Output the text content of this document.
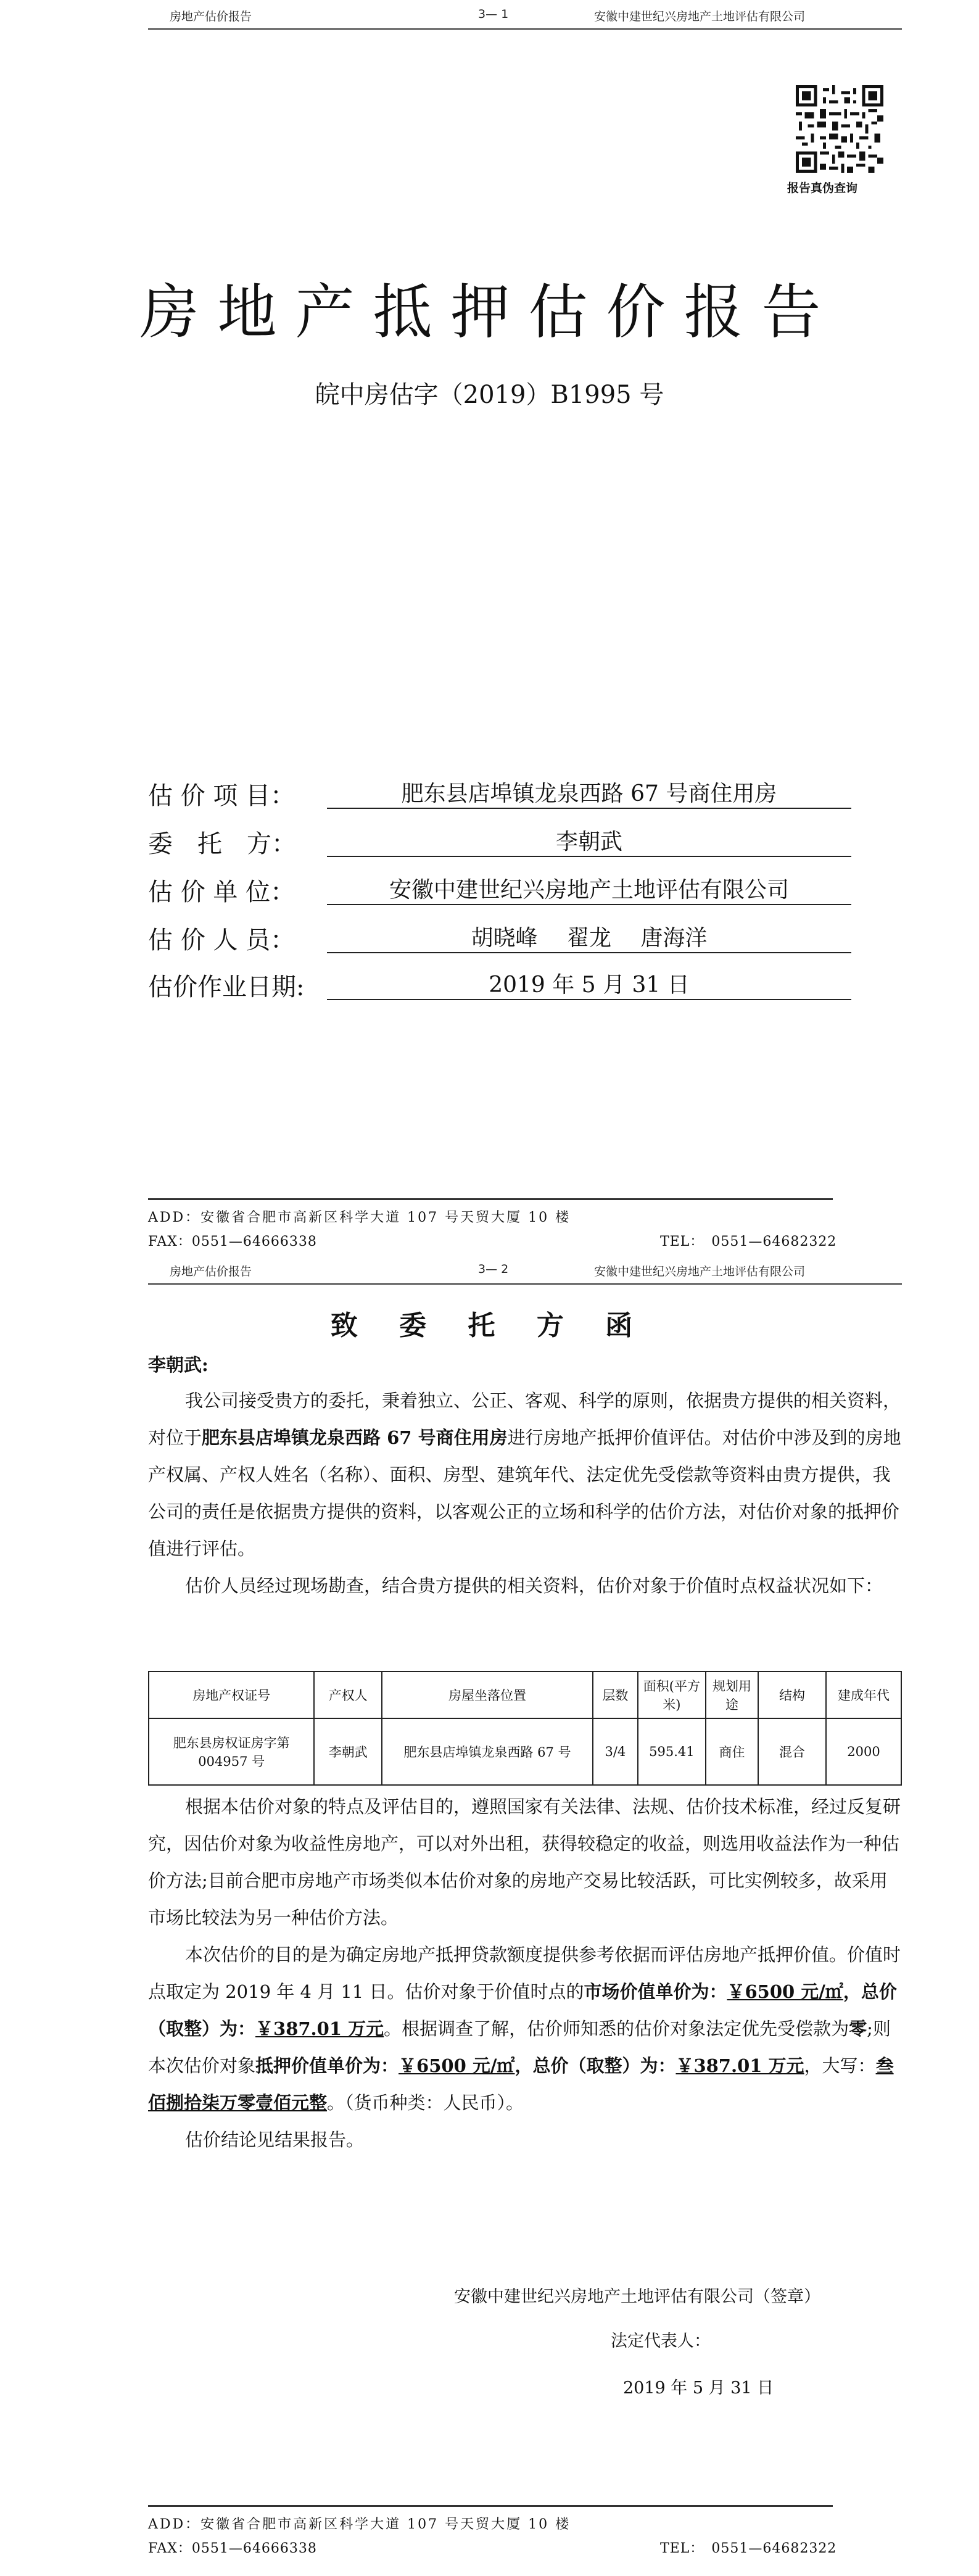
房地产估价报告	3— 1	安徽中建世纪兴房地产土地评估有限公司
报告真伪查询
房地产抵押估价报告
皖中房估字（2019）B1995 号
估 价 项 目：	肥东县店埠镇龙泉西路 67 号商住用房
委　托　方：	李朝武
估 价 单 位：	安徽中建世纪兴房地产土地评估有限公司
估 价 人 员：	胡晓峰　 翟龙　 唐海洋
估价作业日期:	2019 年 5 月 31 日
ADD：安徽省合肥市高新区科学大道 107 号天贸大厦 10 楼
FAX：0551—64666338	TEL：　0551—64682322
房地产估价报告	3— 2	安徽中建世纪兴房地产土地评估有限公司
致 委 托 方 函
李朝武:

我公司接受贵方的委托，秉着独立、公正、客观、科学的原则，依据贵方提供的相关资料，对位于肥东县店埠镇龙泉西路 67 号商住用房进行房地产抵押价值评估。对估价中涉及到的房地产权属、产权人姓名（名称）、面积、房型、建筑年代、法定优先受偿款等资料由贵方提供，我公司的责任是依据贵方提供的资料，以客观公正的立场和科学的估价方法，对估价对象的抵押价值进行评估。

估价人员经过现场勘查，结合贵方提供的相关资料，估价对象于价值时点权益状况如下：

房地产权证号	产权人	房屋坐落位置	层数	面积(平方米)	规划用途	结构	建成年代
肥东县房权证房字第 004957 号	李朝武	肥东县店埠镇龙泉西路 67 号	3/4	595.41	商住	混合	2000

根据本估价对象的特点及评估目的，遵照国家有关法律、法规、估价技术标准，经过反复研究，因估价对象为收益性房地产，可以对外出租，获得较稳定的收益，则选用收益法作为一种估价方法;目前合肥市房地产市场类似本估价对象的房地产交易比较活跃，可比实例较多，故采用市场比较法为另一种估价方法。

本次估价的目的是为确定房地产抵押贷款额度提供参考依据而评估房地产抵押价值。价值时点取定为 2019 年 4 月 11 日。估价对象于价值时点的市场价值单价为：￥6500 元/㎡，总价（取整）为：￥387.01 万元。根据调查了解，估价师知悉的估价对象法定优先受偿款为零;则本次估价对象抵押价值单价为：￥6500 元/㎡，总价（取整）为：￥387.01 万元，大写：叁佰捌拾柒万零壹佰元整。（货币种类：人民币）。

估价结论见结果报告。

安徽中建世纪兴房地产土地评估有限公司（签章）
法定代表人：
2019 年 5 月 31 日
ADD：安徽省合肥市高新区科学大道 107 号天贸大厦 10 楼
FAX：0551—64666338	TEL：　0551—64682322
